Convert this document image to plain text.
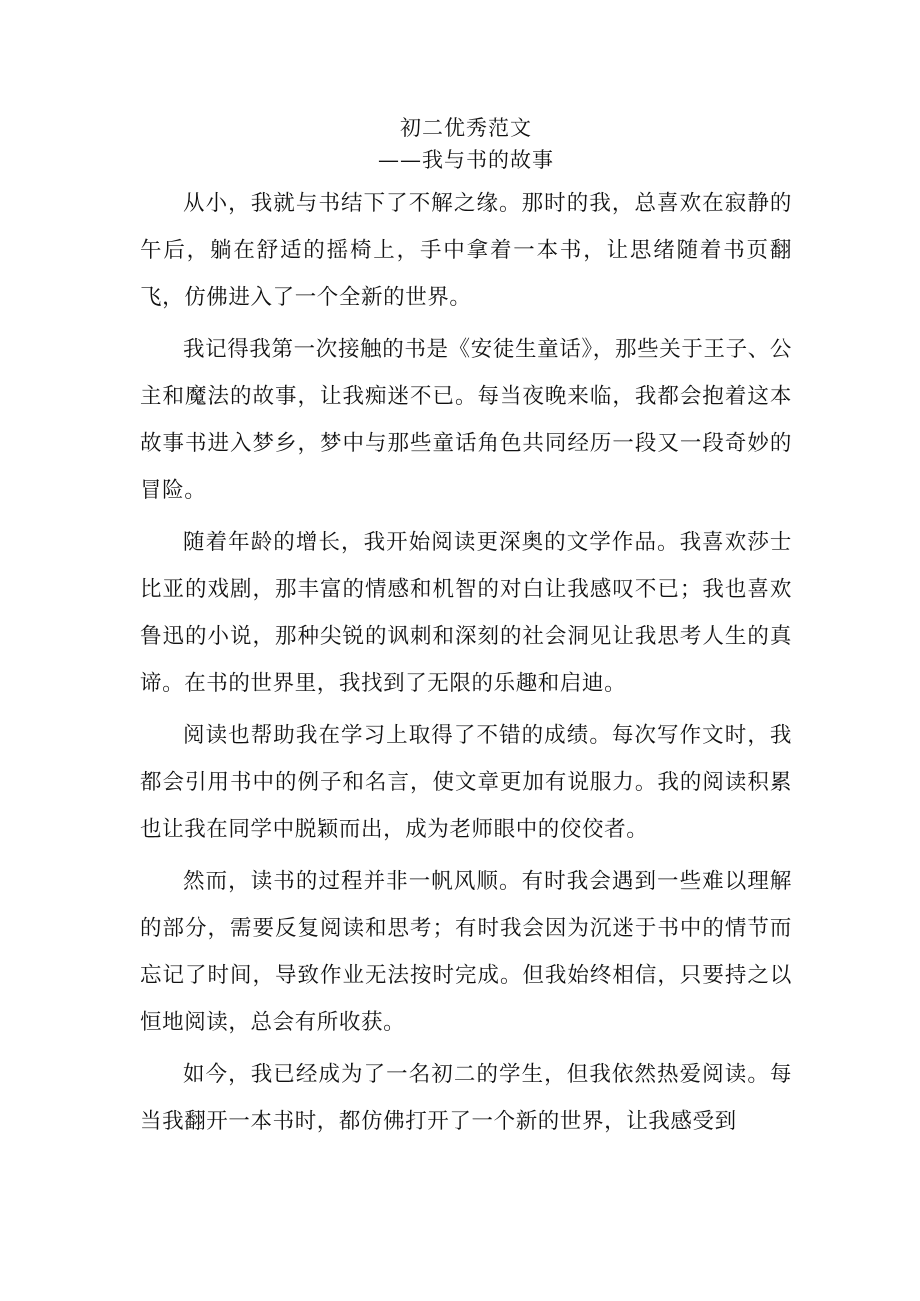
初二优秀范文
——我与书的故事

从小，我就与书结下了不解之缘。那时的我，总喜欢在寂静的午后，躺在舒适的摇椅上，手中拿着一本书，让思绪随着书页翻飞，仿佛进入了一个全新的世界。

我记得我第一次接触的书是《安徒生童话》，那些关于王子、公主和魔法的故事，让我痴迷不已。每当夜晚来临，我都会抱着这本故事书进入梦乡，梦中与那些童话角色共同经历一段又一段奇妙的冒险。

随着年龄的增长，我开始阅读更深奥的文学作品。我喜欢莎士比亚的戏剧，那丰富的情感和机智的对白让我感叹不已；我也喜欢鲁迅的小说，那种尖锐的讽刺和深刻的社会洞见让我思考人生的真谛。在书的世界里，我找到了无限的乐趣和启迪。

阅读也帮助我在学习上取得了不错的成绩。每次写作文时，我都会引用书中的例子和名言，使文章更加有说服力。我的阅读积累也让我在同学中脱颖而出，成为老师眼中的佼佼者。

然而，读书的过程并非一帆风顺。有时我会遇到一些难以理解的部分，需要反复阅读和思考；有时我会因为沉迷于书中的情节而忘记了时间，导致作业无法按时完成。但我始终相信，只要持之以恒地阅读，总会有所收获。

如今，我已经成为了一名初二的学生，但我依然热爱阅读。每当我翻开一本书时，都仿佛打开了一个新的世界，让我感受到
